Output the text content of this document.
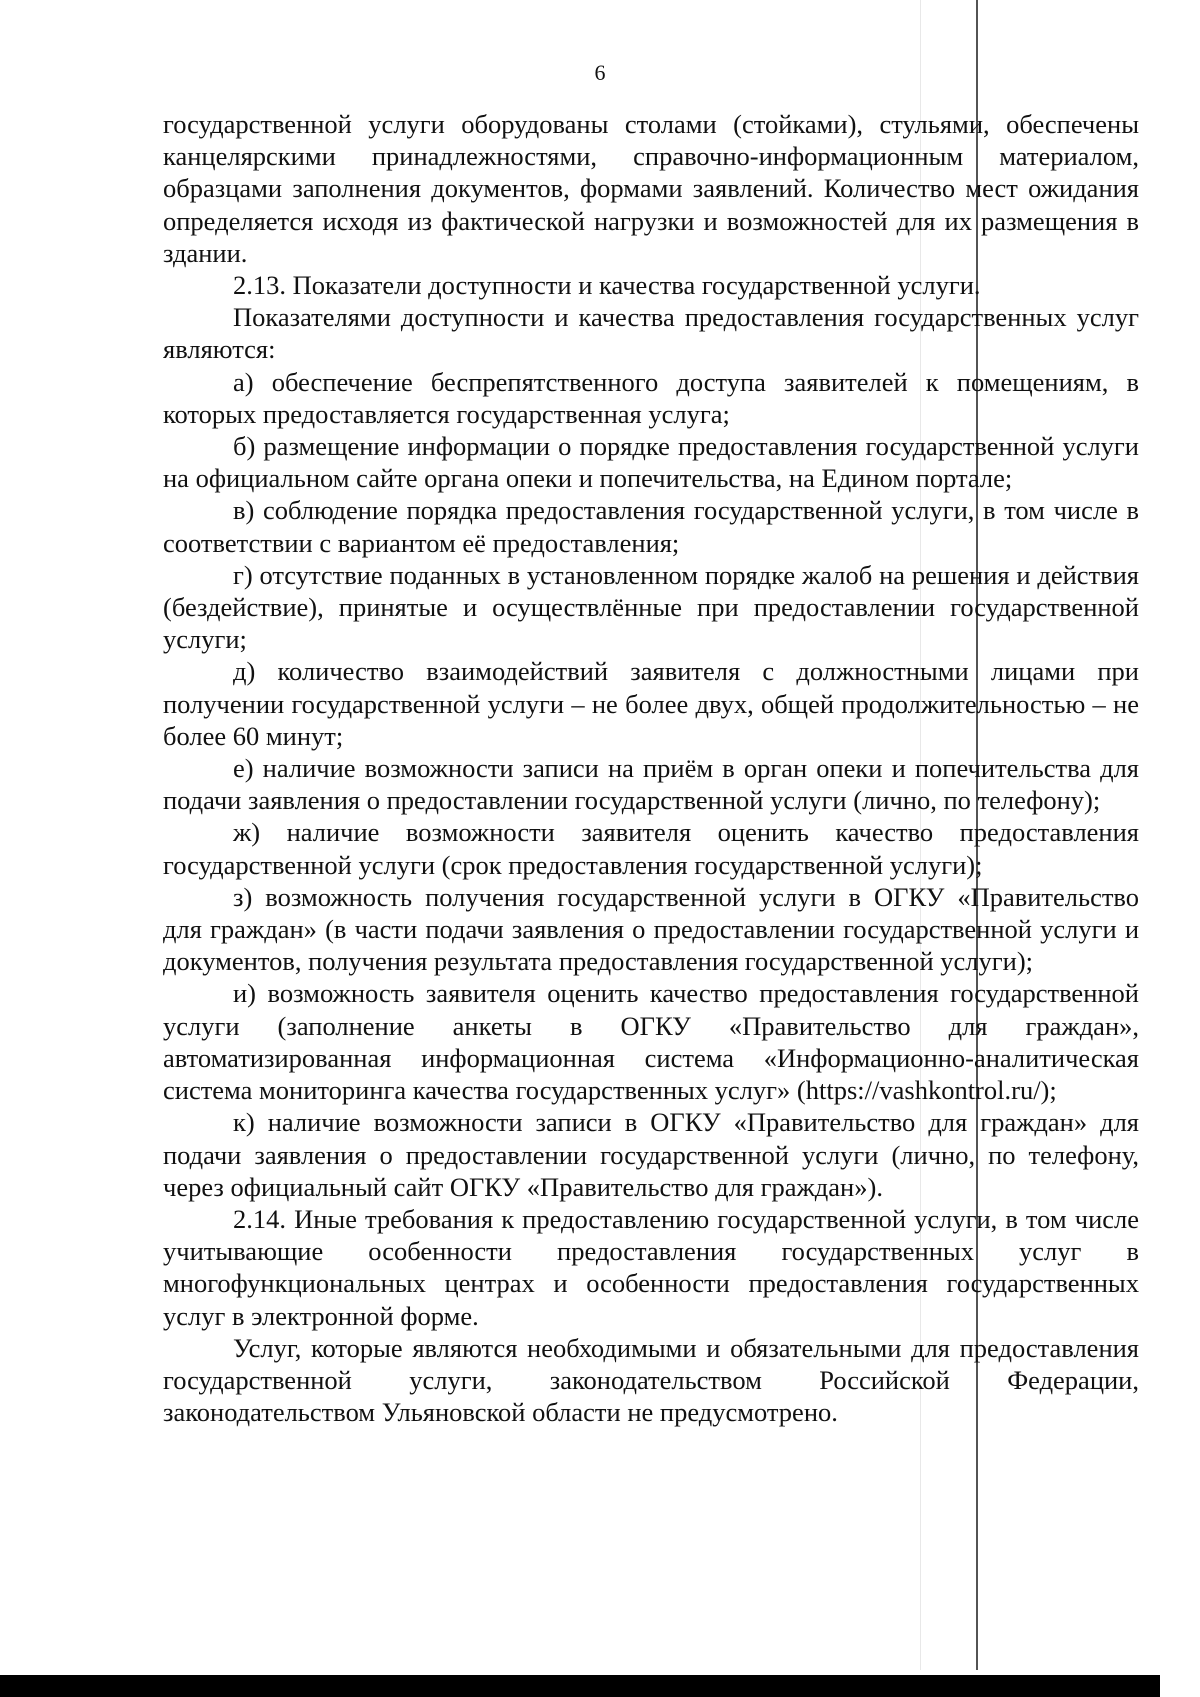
6

государственной услуги оборудованы столами (стойками), стульями, обеспечены канцелярскими принадлежностями, справочно-информационным материалом, образцами заполнения документов, формами заявлений. Количество мест ожидания определяется исходя из фактической нагрузки и возможностей для их размещения в здании.

2.13. Показатели доступности и качества государственной услуги.

Показателями доступности и качества предоставления государственных услуг являются:

а) обеспечение беспрепятственного доступа заявителей к помещениям, в которых предоставляется государственная услуга;

б) размещение информации о порядке предоставления государственной услуги на официальном сайте органа опеки и попечительства, на Едином портале;

в) соблюдение порядка предоставления государственной услуги, в том числе в соответствии с вариантом её предоставления;

г) отсутствие поданных в установленном порядке жалоб на решения и действия (бездействие), принятые и осуществлённые при предоставлении государственной услуги;

д) количество взаимодействий заявителя с должностными лицами при получении государственной услуги – не более двух, общей продолжительностью – не более 60 минут;

е) наличие возможности записи на приём в орган опеки и попечительства для подачи заявления о предоставлении государственной услуги (лично, по телефону);

ж) наличие возможности заявителя оценить качество предоставления государственной услуги (срок предоставления государственной услуги);

з) возможность получения государственной услуги в ОГКУ «Правительство для граждан» (в части подачи заявления о предоставлении государственной услуги и документов, получения результата предоставления государственной услуги);

и) возможность заявителя оценить качество предоставления государственной услуги (заполнение анкеты в ОГКУ «Правительство для граждан», автоматизированная информационная система «Информационно-аналитическая система мониторинга качества государственных услуг» (https://vashkontrol.ru/);

к) наличие возможности записи в ОГКУ «Правительство для граждан» для подачи заявления о предоставлении государственной услуги (лично, по телефону, через официальный сайт ОГКУ «Правительство для граждан»).

2.14. Иные требования к предоставлению государственной услуги, в том числе учитывающие особенности предоставления государственных услуг в многофункциональных центрах и особенности предоставления государственных услуг в электронной форме.

Услуг, которые являются необходимыми и обязательными для предоставления государственной услуги, законодательством Российской Федерации, законодательством Ульяновской области не предусмотрено.
